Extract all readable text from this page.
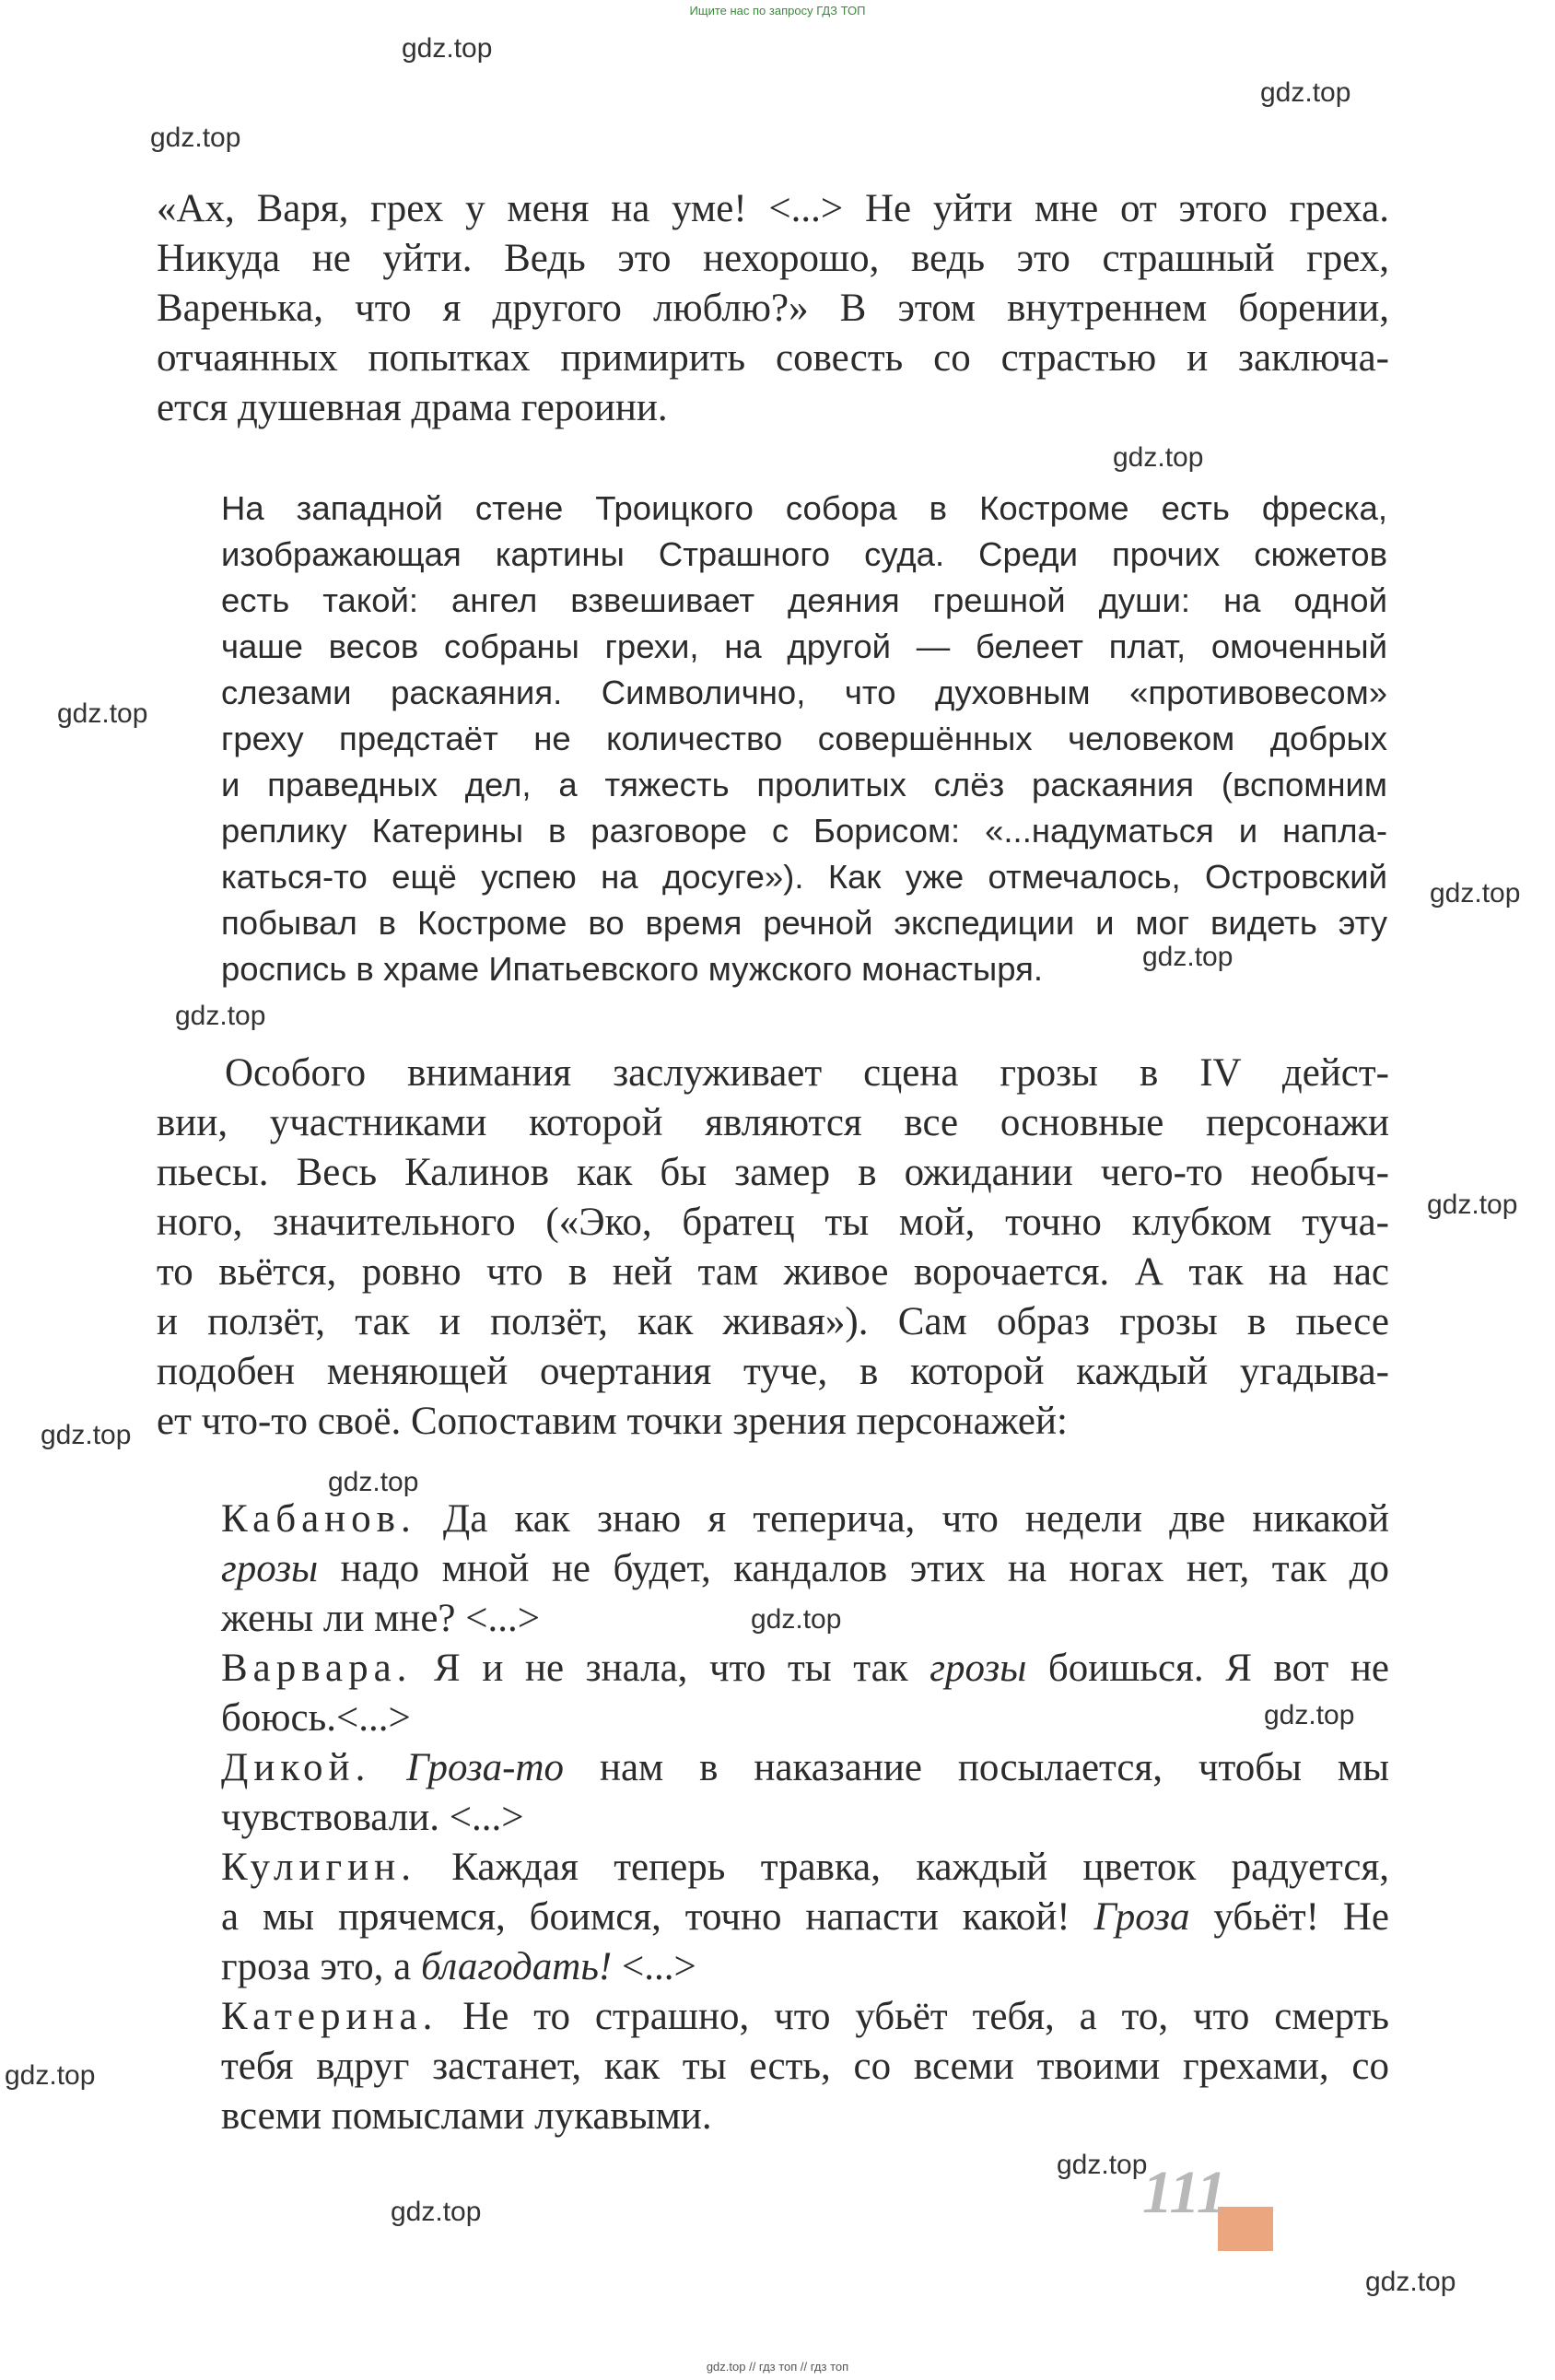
Ищите нас по запросу ГДЗ ТОП
gdz.top
gdz.top
gdz.top
gdz.top
gdz.top
gdz.top
gdz.top
gdz.top
gdz.top
gdz.top
gdz.top
gdz.top
gdz.top
gdz.top
gdz.top
gdz.top
gdz.top
«Ах, Варя, грех у меня на уме! <...> Не уйти мне от этого греха.
Никуда не уйти. Ведь это нехорошо, ведь это страшный грех,
Варенька, что я другого люблю?» В этом внутреннем борении,
отчаянных попытках примирить совесть со страстью и заключа-
ется душевная драма героини.
На западной стене Троицкого собора в Костроме есть фреска,
изображающая картины Страшного суда. Среди прочих сюжетов
есть такой: ангел взвешивает деяния грешной души: на одной
чаше весов собраны грехи, на другой — белеет плат, омоченный
слезами раскаяния. Символично, что духовным «противовесом»
греху предстаёт не количество совершённых человеком добрых
и праведных дел, а тяжесть пролитых слёз раскаяния (вспомним
реплику Катерины в разговоре с Борисом: «...надуматься и напла-
каться-то ещё успею на досуге»). Как уже отмечалось, Островский
побывал в Костроме во время речной экспедиции и мог видеть эту
роспись в храме Ипатьевского мужского монастыря.
Особого внимания заслуживает сцена грозы в IV дейст-
вии, участниками которой являются все основные персонажи
пьесы. Весь Калинов как бы замер в ожидании чего-то необыч-
ного, значительного («Эко, братец ты мой, точно клубком туча-
то вьётся, ровно что в ней там живое ворочается. А так на нас
и ползёт, так и ползёт, как живая»). Сам образ грозы в пьесе
подобен меняющей очертания туче, в которой каждый угадыва-
ет что-то своё. Сопоставим точки зрения персонажей:
Кабанов. Да как знаю я теперича, что недели две никакой
грозы надо мной не будет, кандалов этих на ногах нет, так до
жены ли мне? <...>
Варвара. Я и не знала, что ты так грозы боишься. Я вот не
боюсь.<...>
Дикой. Гроза-то нам в наказание посылается, чтобы мы
чувствовали. <...>
Кулигин. Каждая теперь травка, каждый цветок радуется,
а мы прячемся, боимся, точно напасти какой! Гроза убьёт! Не
гроза это, а благодать! <...>
Катерина. Не то страшно, что убьёт тебя, а то, что смерть
тебя вдруг застанет, как ты есть, со всеми твоими грехами, со
всеми помыслами лукавыми.
111
gdz.top // гдз топ // гдз топ
